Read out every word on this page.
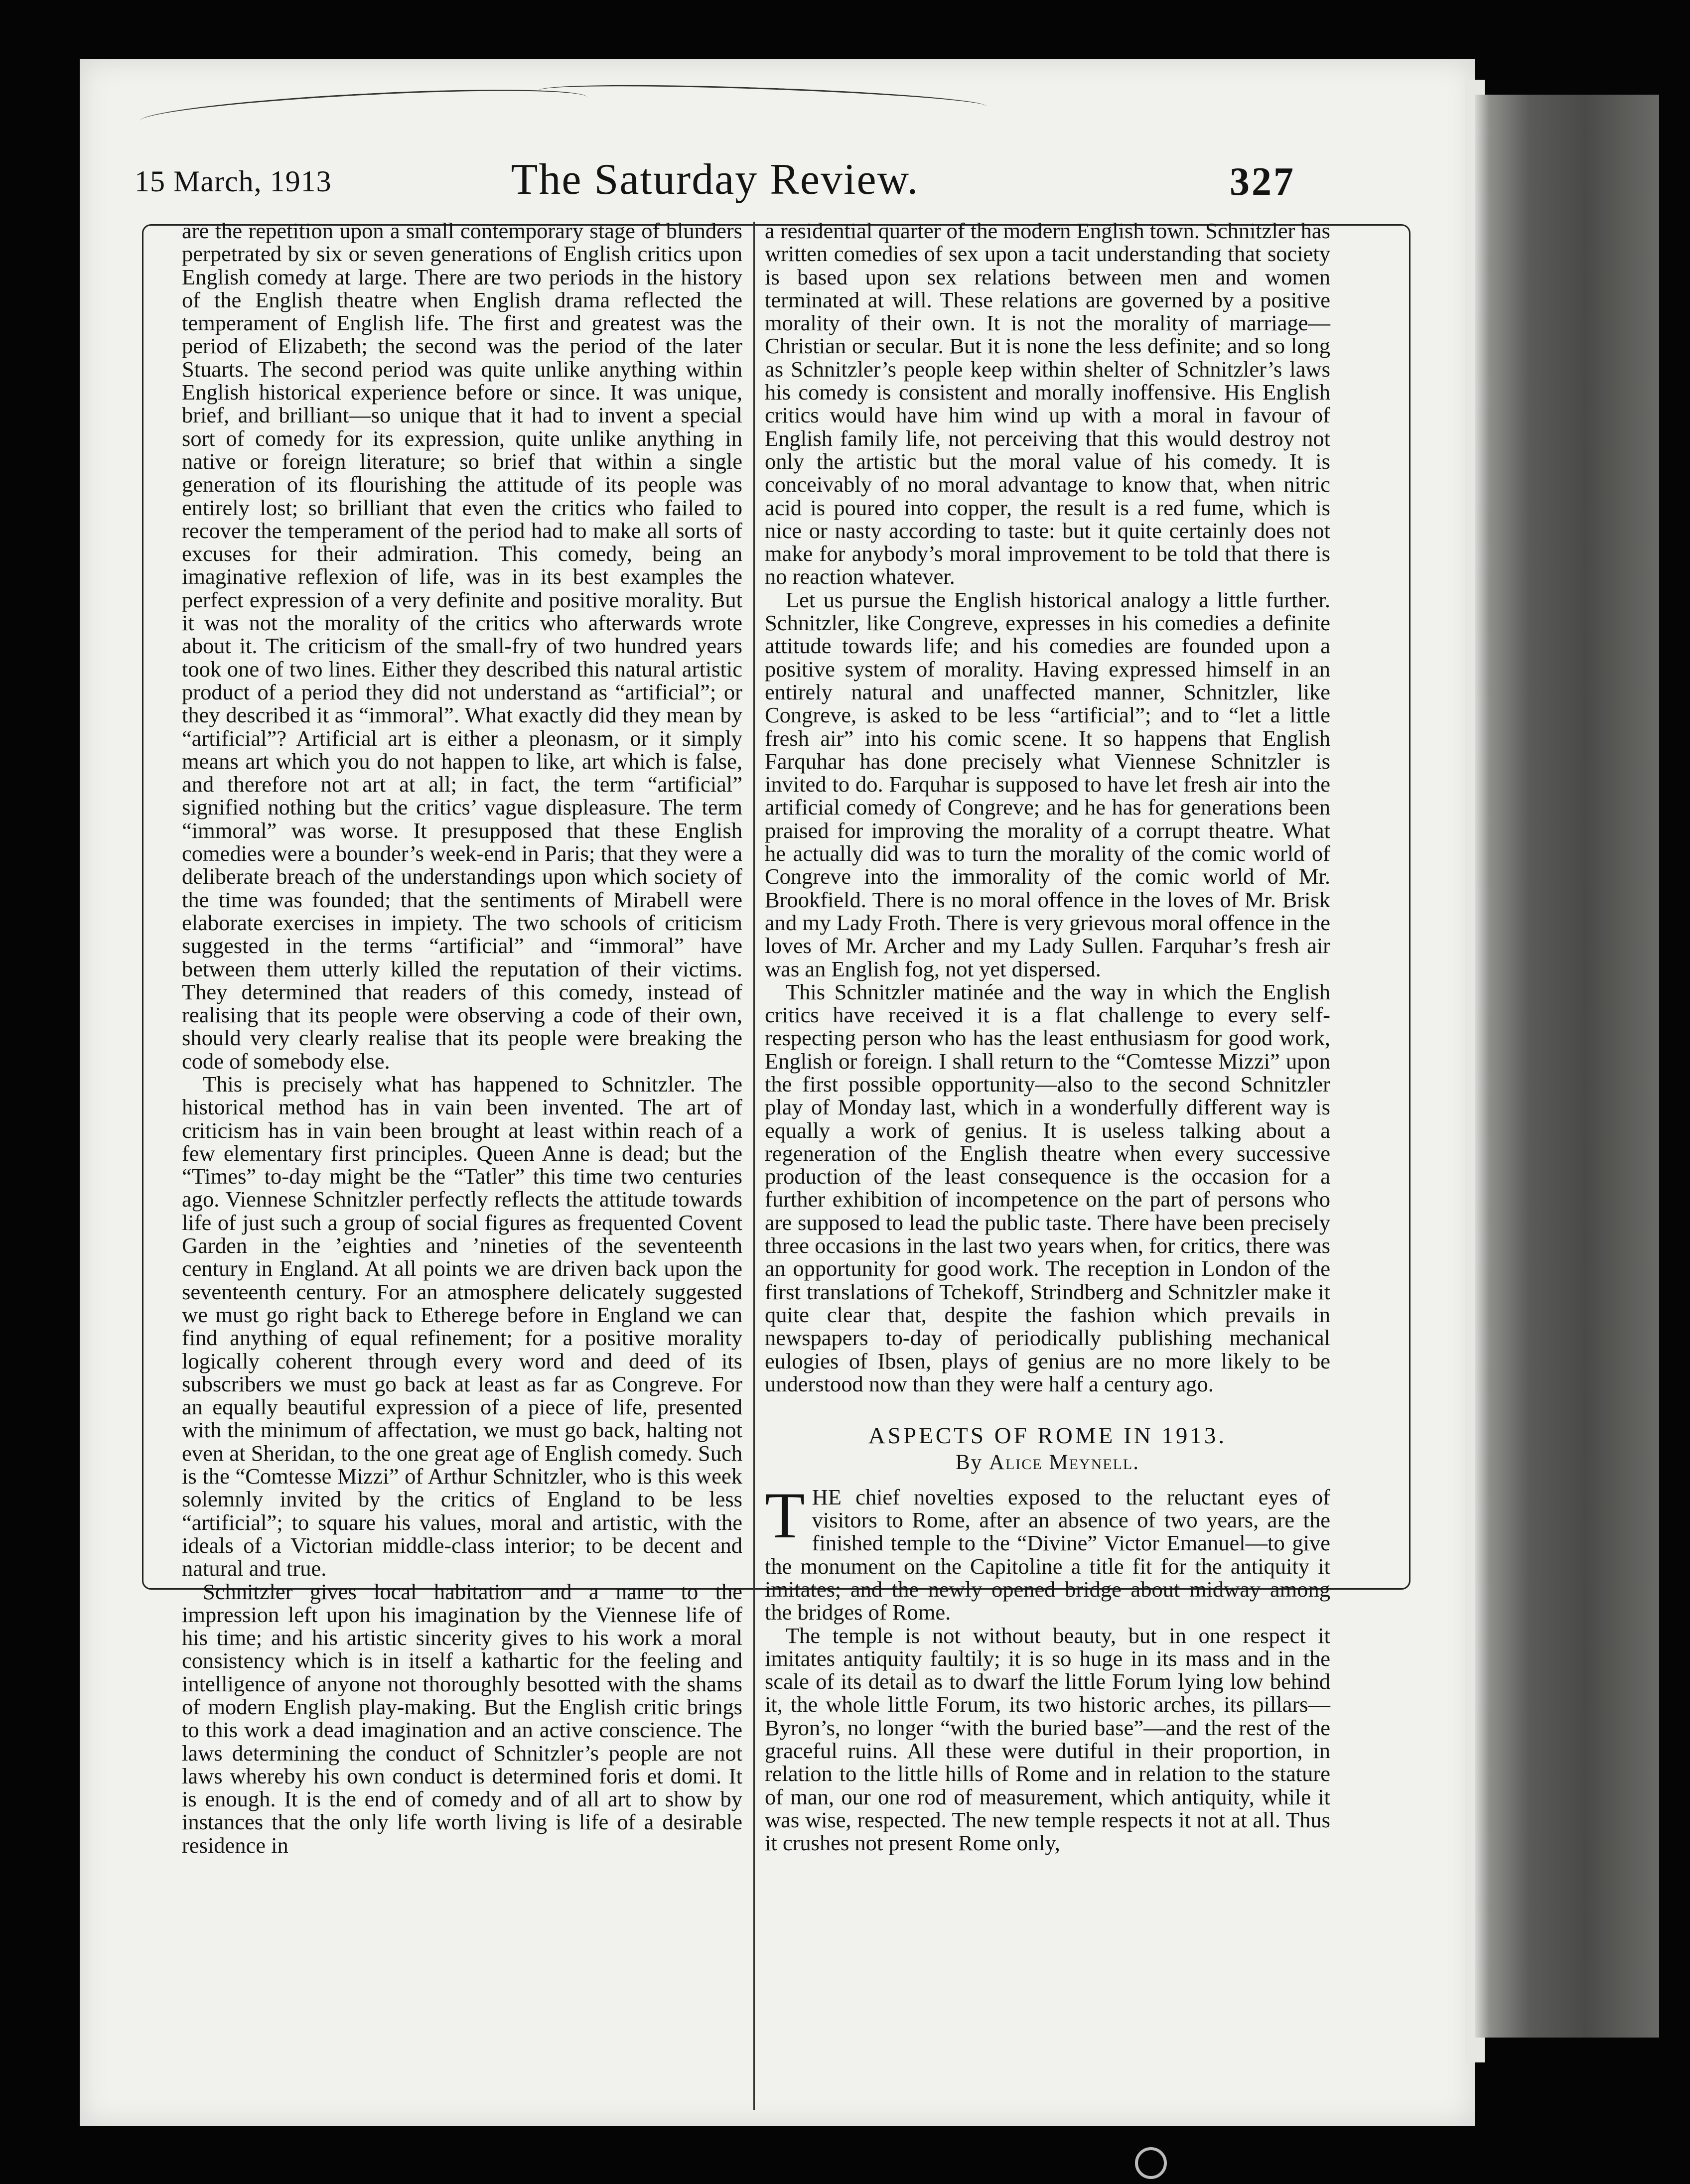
15 March, 1913	The Saturday Review.	327

are the repetition upon a small contemporary stage of blunders perpetrated by six or seven generations of English critics upon English comedy at large. There are two periods in the history of the English theatre when English drama reflected the temperament of English life. The first and greatest was the period of Elizabeth; the second was the period of the later Stuarts. The second period was quite unlike anything within English historical experience before or since. It was unique, brief, and brilliant—so unique that it had to invent a special sort of comedy for its expression, quite unlike anything in native or foreign literature; so brief that within a single generation of its flourishing the attitude of its people was entirely lost; so brilliant that even the critics who failed to recover the temperament of the period had to make all sorts of excuses for their admiration. This comedy, being an imaginative reflexion of life, was in its best examples the perfect expression of a very definite and positive morality. But it was not the morality of the critics who afterwards wrote about it. The criticism of the small-fry of two hundred years took one of two lines. Either they described this natural artistic product of a period they did not understand as “artificial”; or they described it as “immoral”. What exactly did they mean by “artificial”? Artificial art is either a pleonasm, or it simply means art which you do not happen to like, art which is false, and therefore not art at all; in fact, the term “artificial” signified nothing but the critics’ vague displeasure. The term “immoral” was worse. It presupposed that these English comedies were a bounder’s week-end in Paris; that they were a deliberate breach of the understandings upon which society of the time was founded; that the sentiments of Mirabell were elaborate exercises in impiety. The two schools of criticism suggested in the terms “artificial” and “immoral” have between them utterly killed the reputation of their victims. They determined that readers of this comedy, instead of realising that its people were observing a code of their own, should very clearly realise that its people were breaking the code of somebody else.

This is precisely what has happened to Schnitzler. The historical method has in vain been invented. The art of criticism has in vain been brought at least within reach of a few elementary first principles. Queen Anne is dead; but the “Times” to-day might be the “Tatler” this time two centuries ago. Viennese Schnitzler perfectly reflects the attitude towards life of just such a group of social figures as frequented Covent Garden in the ’eighties and ’nineties of the seventeenth century in England. At all points we are driven back upon the seventeenth century. For an atmosphere delicately suggested we must go right back to Etherege before in England we can find anything of equal refinement; for a positive morality logically coherent through every word and deed of its subscribers we must go back at least as far as Congreve. For an equally beautiful expression of a piece of life, presented with the minimum of affectation, we must go back, halting not even at Sheridan, to the one great age of English comedy. Such is the “Comtesse Mizzi” of Arthur Schnitzler, who is this week solemnly invited by the critics of England to be less “artificial”; to square his values, moral and artistic, with the ideals of a Victorian middle-class interior; to be decent and natural and true.

Schnitzler gives local habitation and a name to the impression left upon his imagination by the Viennese life of his time; and his artistic sincerity gives to his work a moral consistency which is in itself a kathartic for the feeling and intelligence of anyone not thoroughly besotted with the shams of modern English play-making. But the English critic brings to this work a dead imagination and an active conscience. The laws determining the conduct of Schnitzler’s people are not laws whereby his own conduct is determined foris et domi. It is enough. It is the end of comedy and of all art to show by instances that the only life worth living is life of a desirable residence in

a residential quarter of the modern English town. Schnitzler has written comedies of sex upon a tacit understanding that society is based upon sex relations between men and women terminated at will. These relations are governed by a positive morality of their own. It is not the morality of marriage—Christian or secular. But it is none the less definite; and so long as Schnitzler’s people keep within shelter of Schnitzler’s laws his comedy is consistent and morally inoffensive. His English critics would have him wind up with a moral in favour of English family life, not perceiving that this would destroy not only the artistic but the moral value of his comedy. It is conceivably of no moral advantage to know that, when nitric acid is poured into copper, the result is a red fume, which is nice or nasty according to taste: but it quite certainly does not make for anybody’s moral improvement to be told that there is no reaction whatever.

Let us pursue the English historical analogy a little further. Schnitzler, like Congreve, expresses in his comedies a definite attitude towards life; and his comedies are founded upon a positive system of morality. Having expressed himself in an entirely natural and unaffected manner, Schnitzler, like Congreve, is asked to be less “artificial”; and to “let a little fresh air” into his comic scene. It so happens that English Farquhar has done precisely what Viennese Schnitzler is invited to do. Farquhar is supposed to have let fresh air into the artificial comedy of Congreve; and he has for generations been praised for improving the morality of a corrupt theatre. What he actually did was to turn the morality of the comic world of Congreve into the immorality of the comic world of Mr. Brookfield. There is no moral offence in the loves of Mr. Brisk and my Lady Froth. There is very grievous moral offence in the loves of Mr. Archer and my Lady Sullen. Farquhar’s fresh air was an English fog, not yet dispersed.

This Schnitzler matinée and the way in which the English critics have received it is a flat challenge to every self-respecting person who has the least enthusiasm for good work, English or foreign. I shall return to the “Comtesse Mizzi” upon the first possible opportunity—also to the second Schnitzler play of Monday last, which in a wonderfully different way is equally a work of genius. It is useless talking about a regeneration of the English theatre when every successive production of the least consequence is the occasion for a further exhibition of incompetence on the part of persons who are supposed to lead the public taste. There have been precisely three occasions in the last two years when, for critics, there was an opportunity for good work. The reception in London of the first translations of Tchekoff, Strindberg and Schnitzler make it quite clear that, despite the fashion which prevails in newspapers to-day of periodically publishing mechanical eulogies of Ibsen, plays of genius are no more likely to be understood now than they were half a century ago.

ASPECTS OF ROME IN 1913.
By Alice Meynell.

THE chief novelties exposed to the reluctant eyes of visitors to Rome, after an absence of two years, are the finished temple to the “Divine” Victor Emanuel—to give the monument on the Capitoline a title fit for the antiquity it imitates; and the newly opened bridge about midway among the bridges of Rome.

The temple is not without beauty, but in one respect it imitates antiquity faultily; it is so huge in its mass and in the scale of its detail as to dwarf the little Forum lying low behind it, the whole little Forum, its two historic arches, its pillars—Byron’s, no longer “with the buried base”—and the rest of the graceful ruins. All these were dutiful in their proportion, in relation to the little hills of Rome and in relation to the stature of man, our one rod of measurement, which antiquity, while it was wise, respected. The new temple respects it not at all. Thus it crushes not present Rome only,
